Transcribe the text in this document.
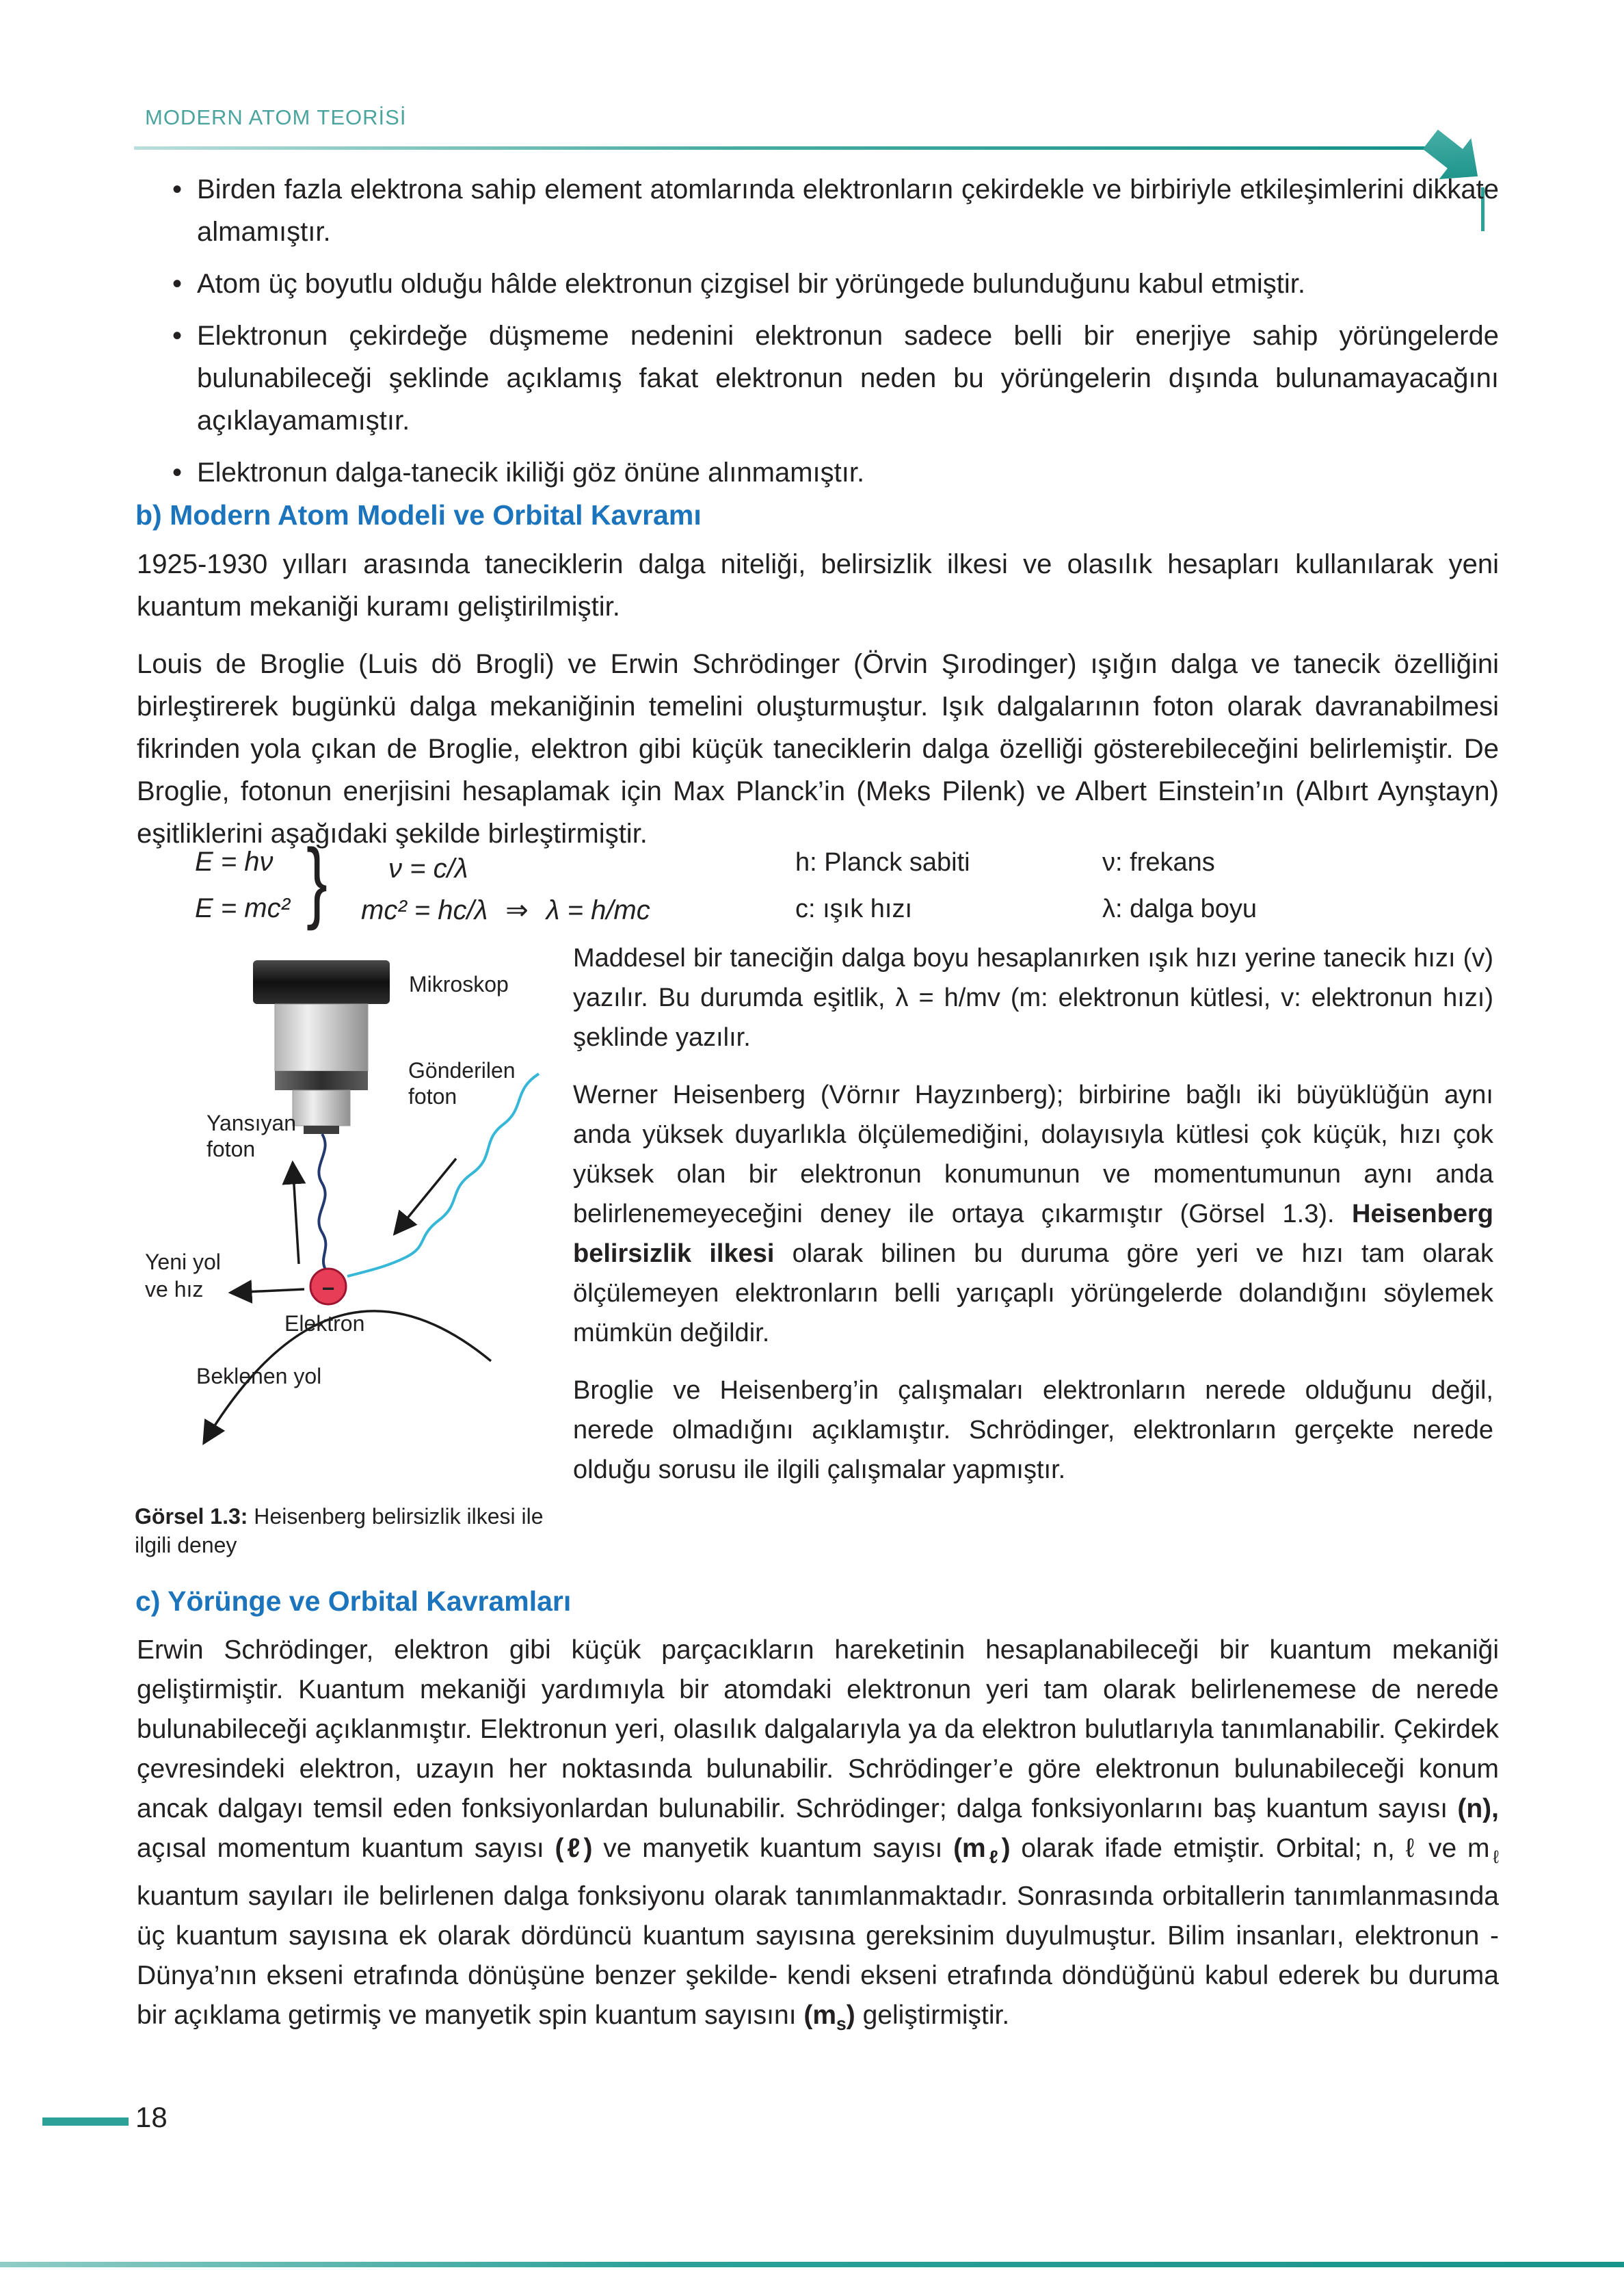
MODERN ATOM TEORİSİ
• Birden fazla elektrona sahip element atomlarında elektronların çekirdekle ve birbiriyle etkileşimlerini dikkate almamıştır.
• Atom üç boyutlu olduğu hâlde elektronun çizgisel bir yörüngede bulunduğunu kabul etmiştir.
• Elektronun çekirdeğe düşmeme nedenini elektronun sadece belli bir enerjiye sahip yörüngelerde bulunabileceği şeklinde açıklamış fakat elektronun neden bu yörüngelerin dışında bulunamayacağını açıklayamamıştır.
• Elektronun dalga-tanecik ikiliği göz önüne alınmamıştır.
b) Modern Atom Modeli ve Orbital Kavramı

1925-1930 yılları arasında taneciklerin dalga niteliği, belirsizlik ilkesi ve olasılık hesapları kullanılarak yeni kuantum mekaniği kuramı geliştirilmiştir.

Louis de Broglie (Luis dö Brogli) ve Erwin Schrödinger (Örvin Şırodinger) ışığın dalga ve tanecik özelliğini birleştirerek bugünkü dalga mekaniğinin temelini oluşturmuştur. Işık dalgalarının foton olarak davranabilmesi fikrinden yola çıkan de Broglie, elektron gibi küçük taneciklerin dalga özelliği gösterebileceğini belirlemiştir. De Broglie, fotonun enerjisini hesaplamak için Max Planck’in (Meks Pilenk) ve Albert Einstein’ın (Albırt Aynştayn) eşitliklerini aşağıdaki şekilde birleştirmiştir.

E = hν
E = mc² } ν = c/λ
mc² = hc/λ ⇒ λ = h/mc
h: Planck sabiti	ν: frekans
c: ışık hızı	λ: dalga boyu
−
Mikroskop
Gönderilen
foton
Yansıyan
foton
Yeni yol
ve hız
Elektron
Beklenen yol
Görsel 1.3: Heisenberg belirsizlik ilkesi ile ilgili deney

Maddesel bir taneciğin dalga boyu hesaplanırken ışık hızı yerine tanecik hızı (v) yazılır. Bu durumda eşitlik, λ = h/mv (m: elektronun kütlesi, v: elektronun hızı) şeklinde yazılır.

Werner Heisenberg (Vörnır Hayzınberg); birbirine bağlı iki büyüklüğün aynı anda yüksek duyarlıkla ölçülemediğini, dolayısıyla kütlesi çok küçük, hızı çok yüksek olan bir elektronun konumunun ve momentumunun aynı anda belirlenemeyeceğini deney ile ortaya çıkarmıştır (Görsel 1.3). Heisenberg belirsizlik ilkesi olarak bilinen bu duruma göre yeri ve hızı tam olarak ölçülemeyen elektronların belli yarıçaplı yörüngelerde dolandığını söylemek mümkün değildir.

Broglie ve Heisenberg’in çalışmaları elektronların nerede olduğunu değil, nerede olmadığını açıklamıştır. Schrödinger, elektronların gerçekte nerede olduğu sorusu ile ilgili çalışmalar yapmıştır.

c) Yörünge ve Orbital Kavramları

Erwin Schrödinger, elektron gibi küçük parçacıkların hareketinin hesaplanabileceği bir kuantum mekaniği geliştirmiştir. Kuantum mekaniği yardımıyla bir atomdaki elektronun yeri tam olarak belirlenemese de nerede bulunabileceği açıklanmıştır. Elektronun yeri, olasılık dalgalarıyla ya da elektron bulutlarıyla tanımlanabilir. Çekirdek çevresindeki elektron, uzayın her noktasında bulunabilir. Schrödinger’e göre elektronun bulunabileceği konum ancak dalgayı temsil eden fonksiyonlardan bulunabilir. Schrödinger; dalga fonksiyonlarını baş kuantum sayısı (n), açısal momentum kuantum sayısı (ℓ) ve manyetik kuantum sayısı $(m_\ell)$ olarak ifade etmiştir. Orbital; n, ℓ ve $m_\ell$ kuantum sayıları ile belirlenen dalga fonksiyonu olarak tanımlanmaktadır. Sonrasında orbitallerin tanımlanmasında üç kuantum sayısına ek olarak dördüncü kuantum sayısına gereksinim duyulmuştur. Bilim insanları, elektronun -Dünya’nın ekseni etrafında dönüşüne benzer şekilde- kendi ekseni etrafında döndüğünü kabul ederek bu duruma bir açıklama getirmiş ve manyetik spin kuantum sayısını $(m_s)$ geliştirmiştir.

18
